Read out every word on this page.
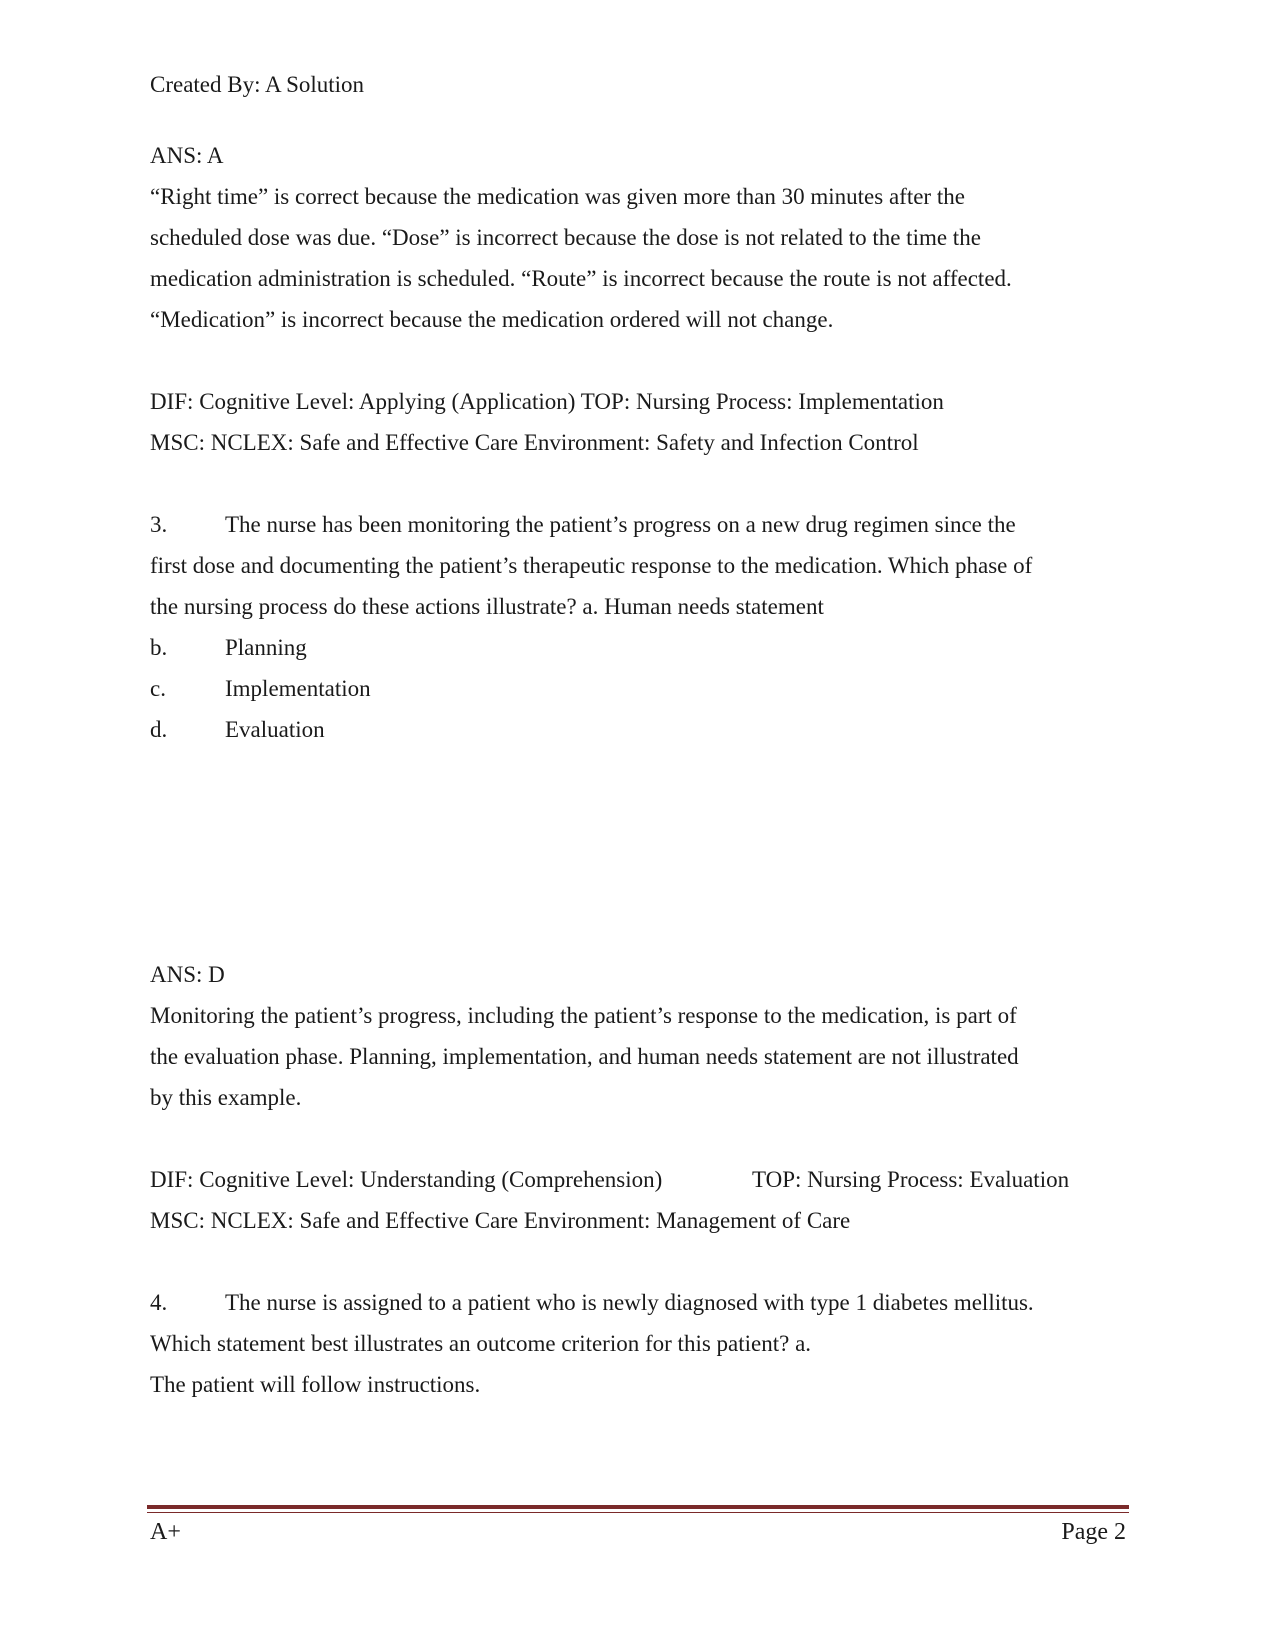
Created By: A Solution
ANS: A
“Right time” is correct because the medication was given more than 30 minutes after the
scheduled dose was due. “Dose” is incorrect because the dose is not related to the time the
medication administration is scheduled. “Route” is incorrect because the route is not affected.
“Medication” is incorrect because the medication ordered will not change.
DIF: Cognitive Level: Applying (Application) TOP: Nursing Process: Implementation
MSC: NCLEX: Safe and Effective Care Environment: Safety and Infection Control
3.	The nurse has been monitoring the patient’s progress on a new drug regimen since the
first dose and documenting the patient’s therapeutic response to the medication. Which phase of
the nursing process do these actions illustrate? a. Human needs statement
b.	Planning
c.	Implementation
d.	Evaluation
ANS: D
Monitoring the patient’s progress, including the patient’s response to the medication, is part of
the evaluation phase. Planning, implementation, and human needs statement are not illustrated
by this example.
DIF: Cognitive Level: Understanding (Comprehension)	TOP: Nursing Process: Evaluation
MSC: NCLEX: Safe and Effective Care Environment: Management of Care
4.	The nurse is assigned to a patient who is newly diagnosed with type 1 diabetes mellitus.
Which statement best illustrates an outcome criterion for this patient? a.
The patient will follow instructions.
A+	Page 2
